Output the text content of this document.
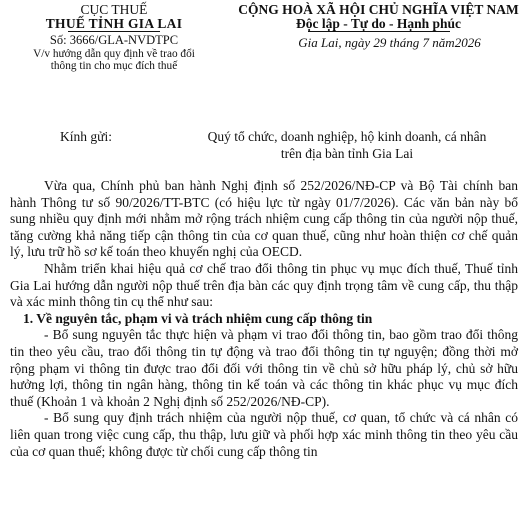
CỤC THUẾ
THUẾ TỈNH GIA LAI
Số: 3666/GLA-NVDTPC
V/v hướng dẫn quy định về trao đổi
thông tin cho mục đích thuế
CỘNG HOÀ XÃ HỘI CHỦ NGHĨA VIỆT NAM
Độc lập - Tự do - Hạnh phúc
Gia Lai, ngày 29 tháng 7 năm2026
Kính gửi:	Quý tổ chức, doanh nghiệp, hộ kinh doanh, cá nhân
trên địa bàn tỉnh Gia Lai

Vừa qua, Chính phủ ban hành Nghị định số 252/2026/NĐ-CP và Bộ Tài chính ban hành Thông tư số 90/2026/TT-BTC (có hiệu lực từ ngày 01/7/2026). Các văn bản này bổ sung nhiều quy định mới nhằm mở rộng trách nhiệm cung cấp thông tin của người nộp thuế, tăng cường khả năng tiếp cận thông tin của cơ quan thuế, cũng như hoàn thiện cơ chế quản lý, lưu trữ hồ sơ kế toán theo khuyến nghị của OECD.

Nhằm triển khai hiệu quả cơ chế trao đổi thông tin phục vụ mục đích thuế, Thuế tỉnh Gia Lai hướng dẫn người nộp thuế trên địa bàn các quy định trọng tâm về cung cấp, thu thập và xác minh thông tin cụ thể như sau:

1. Về nguyên tắc, phạm vi và trách nhiệm cung cấp thông tin

- Bổ sung nguyên tắc thực hiện và phạm vi trao đổi thông tin, bao gồm trao đổi thông tin theo yêu cầu, trao đổi thông tin tự động và trao đổi thông tin tự nguyện; đồng thời mở rộng phạm vi thông tin được trao đổi đối với thông tin về chủ sở hữu pháp lý, chủ sở hữu hưởng lợi, thông tin ngân hàng, thông tin kế toán và các thông tin khác phục vụ mục đích thuế (Khoản 1 và khoản 2 Nghị định số 252/2026/NĐ-CP).

- Bổ sung quy định trách nhiệm của người nộp thuế, cơ quan, tổ chức và cá nhân có liên quan trong việc cung cấp, thu thập, lưu giữ và phối hợp xác minh thông tin theo yêu cầu của cơ quan thuế; không được từ chối cung cấp thông tin
